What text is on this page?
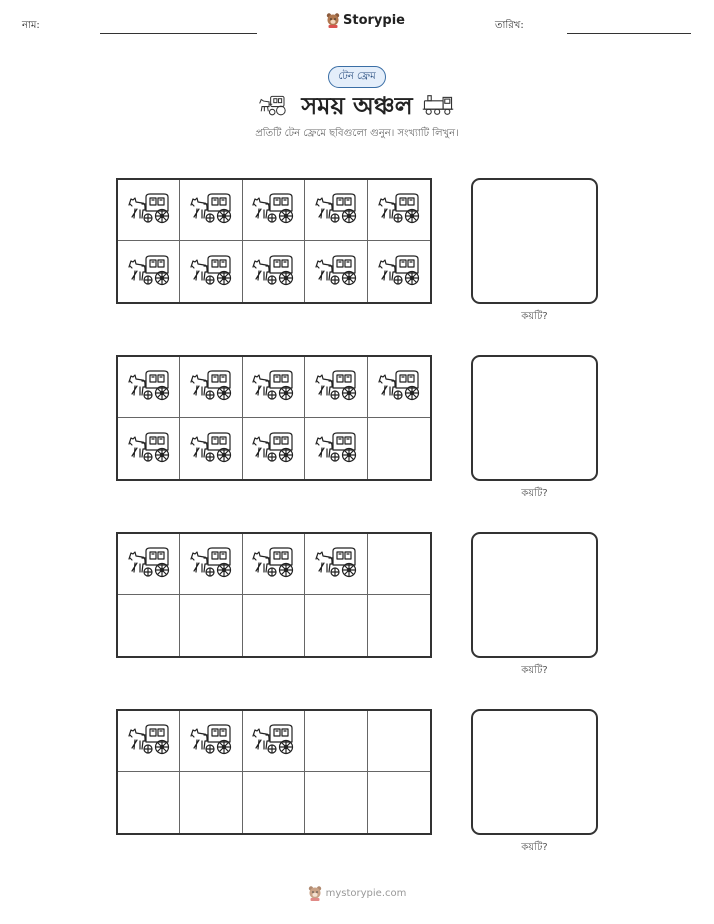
নাম:	Storypie	তারিখ:
টেন ফ্রেম
সময় অঞ্চল
প্রতিটি টেন ফ্রেমে ছবিগুলো গুনুন। সংখ্যাটি লিখুন।
কয়টি?
কয়টি?
কয়টি?
কয়টি?
mystorypie.com
